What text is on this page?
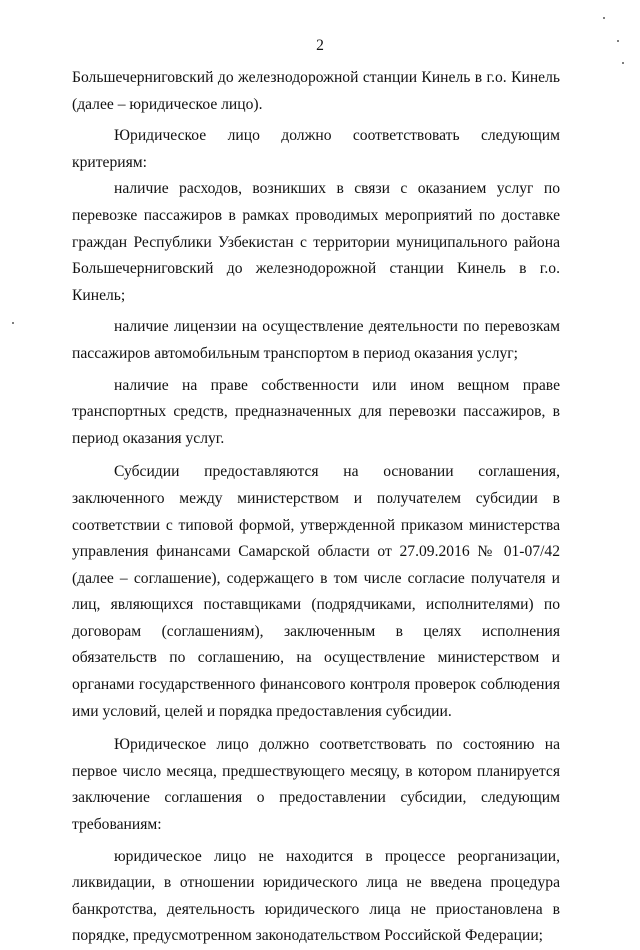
2

Большечерниговский до железнодорожной станции Кинель в г.о. Кинель (далее – юридическое лицо).

Юридическое лицо должно соответствовать следующим критериям:

наличие расходов, возникших в связи с оказанием услуг по перевозке пассажиров в рамках проводимых мероприятий по доставке граждан Республики Узбекистан с территории муниципального района Большечерниговский до железнодорожной станции Кинель в г.о. Кинель;

наличие лицензии на осуществление деятельности по перевозкам пассажиров автомобильным транспортом в период оказания услуг;

наличие на праве собственности или ином вещном праве транспортных средств, предназначенных для перевозки пассажиров, в период оказания услуг.

Субсидии предоставляются на основании соглашения, заключенного между министерством и получателем субсидии в соответствии с типовой формой, утвержденной приказом министерства управления финансами Самарской области от 27.09.2016 № 01-07/42 (далее – соглашение), содержащего в том числе согласие получателя и лиц, являющихся поставщиками (подрядчиками, исполнителями) по договорам (соглашениям), заключенным в целях исполнения обязательств по соглашению, на осуществление министерством и органами государственного финансового контроля проверок соблюдения ими условий, целей и порядка предоставления субсидии.

Юридическое лицо должно соответствовать по состоянию на первое число месяца, предшествующего месяцу, в котором планируется заключение соглашения о предоставлении субсидии, следующим требованиям:

юридическое лицо не находится в процессе реорганизации, ликвидации, в отношении юридического лица не введена процедура банкротства, деятельность юридического лица не приостановлена в порядке, предусмотренном законодательством Российской Федерации;
